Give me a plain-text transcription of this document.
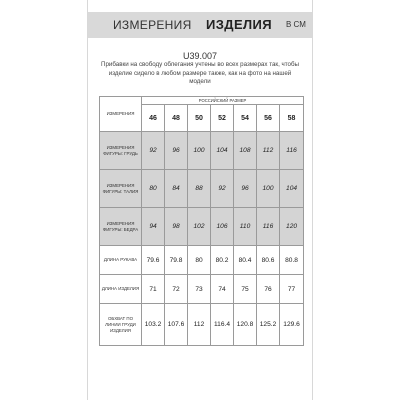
ИЗМЕРЕНИЯ ИЗДЕЛИЯ В СМ
U39.007
Прибавки на свободу облегания учтены во всех размерах так, чтобы изделие сидело в любом размере также, как на фото на нашей модели
ИЗМЕРЕНИЯ	РОССИЙСКИЙ РАЗМЕР						
	46	48	50	52	54	56	58
ИЗМЕРЕНИЯ ФИГУРЫ: ГРУДЬ	92	96	100	104	108	112	116
ИЗМЕРЕНИЯ ФИГУРЫ: ТАЛИЯ	80	84	88	92	96	100	104
ИЗМЕРЕНИЯ ФИГУРЫ: БЕДРА	94	98	102	106	110	116	120
ДЛИНА РУКАВА	79.6	79.8	80	80.2	80.4	80.6	80.8
ДЛИНА ИЗДЕЛИЯ	71	72	73	74	75	76	77
ОБХВАТ ПО ЛИНИИ ГРУДИ ИЗДЕЛИЯ	103.2	107.6	112	116.4	120.8	125.2	129.6
